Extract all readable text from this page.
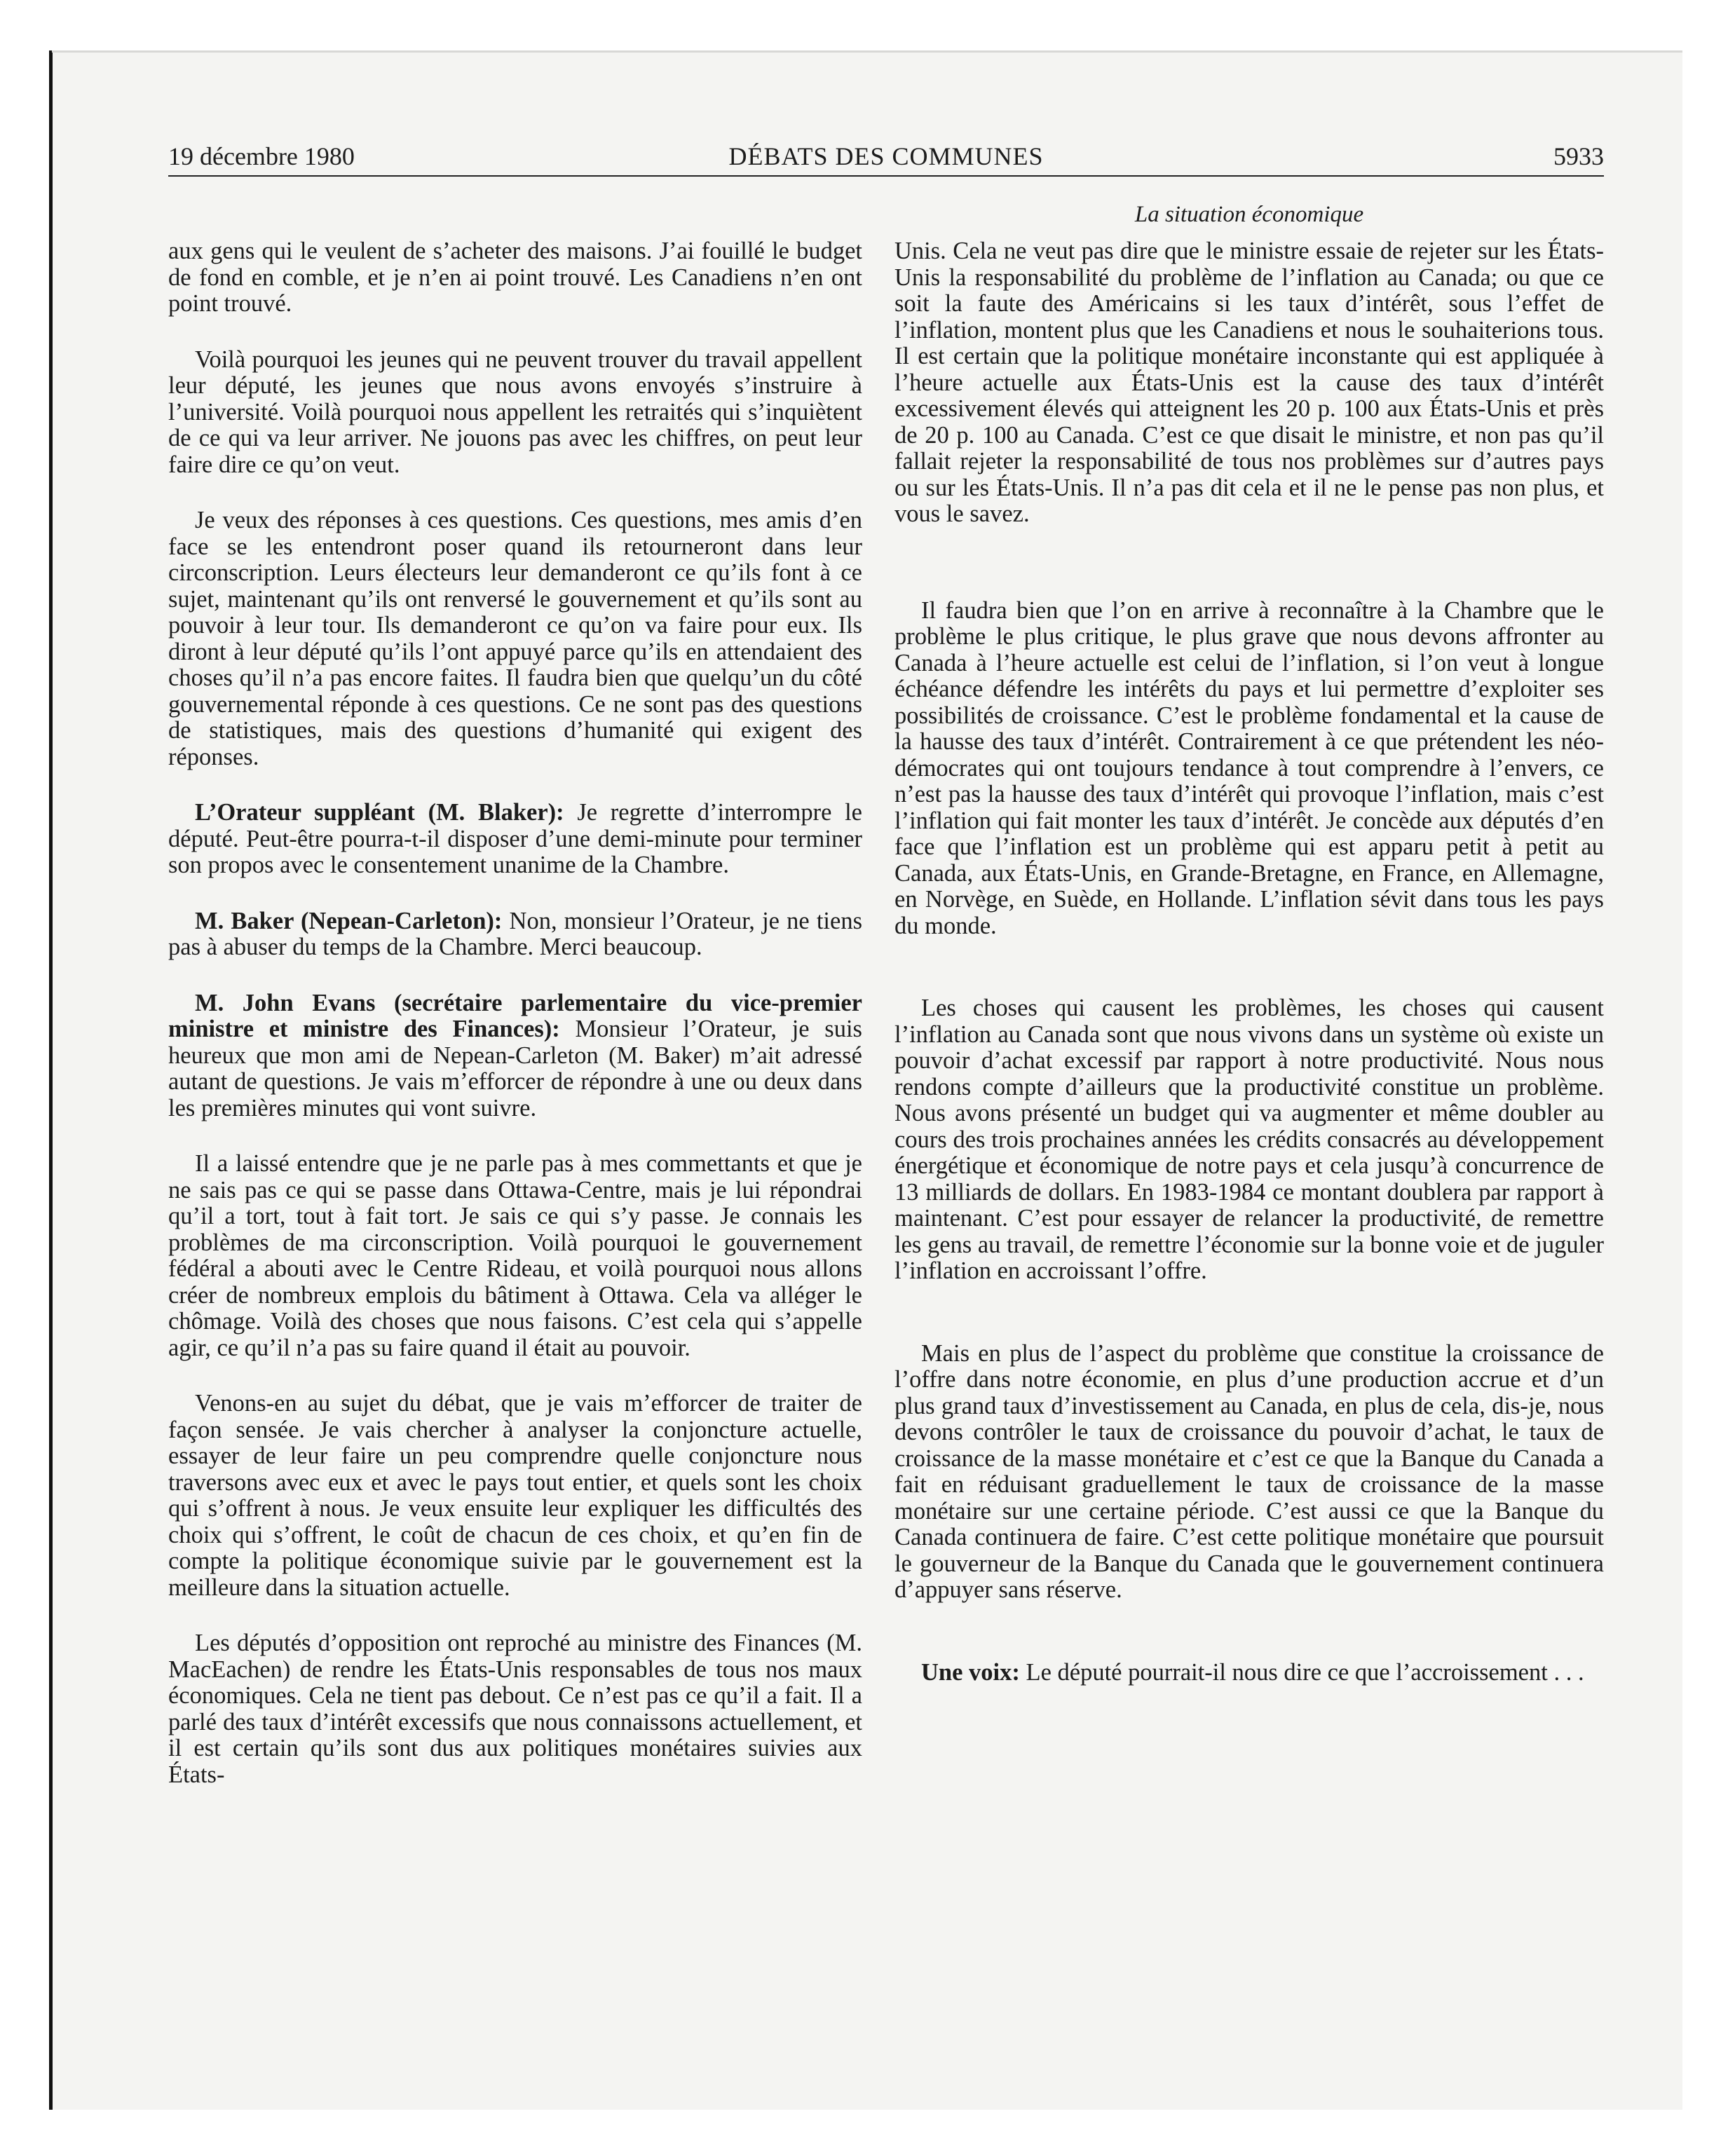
19 décembre 1980	DÉBATS DES COMMUNES	5933
La situation économique

aux gens qui le veulent de s’acheter des maisons. J’ai fouillé le budget de fond en comble, et je n’en ai point trouvé. Les Canadiens n’en ont point trouvé.

Voilà pourquoi les jeunes qui ne peuvent trouver du travail appellent leur député, les jeunes que nous avons envoyés s’instruire à l’université. Voilà pourquoi nous appellent les retraités qui s’inquiètent de ce qui va leur arriver. Ne jouons pas avec les chiffres, on peut leur faire dire ce qu’on veut.

Je veux des réponses à ces questions. Ces questions, mes amis d’en face se les entendront poser quand ils retourneront dans leur circonscription. Leurs électeurs leur demanderont ce qu’ils font à ce sujet, maintenant qu’ils ont renversé le gouvernement et qu’ils sont au pouvoir à leur tour. Ils demanderont ce qu’on va faire pour eux. Ils diront à leur député qu’ils l’ont appuyé parce qu’ils en attendaient des choses qu’il n’a pas encore faites. Il faudra bien que quelqu’un du côté gouvernemental réponde à ces questions. Ce ne sont pas des questions de statistiques, mais des questions d’humanité qui exigent des réponses.

L’Orateur suppléant (M. Blaker): Je regrette d’interrompre le député. Peut-être pourra-t-il disposer d’une demi-minute pour terminer son propos avec le consentement unanime de la Chambre.

M. Baker (Nepean-Carleton): Non, monsieur l’Orateur, je ne tiens pas à abuser du temps de la Chambre. Merci beaucoup.

M. John Evans (secrétaire parlementaire du vice-premier ministre et ministre des Finances): Monsieur l’Orateur, je suis heureux que mon ami de Nepean-Carleton (M. Baker) m’ait adressé autant de questions. Je vais m’efforcer de répondre à une ou deux dans les premières minutes qui vont suivre.

Il a laissé entendre que je ne parle pas à mes commettants et que je ne sais pas ce qui se passe dans Ottawa-Centre, mais je lui répondrai qu’il a tort, tout à fait tort. Je sais ce qui s’y passe. Je connais les problèmes de ma circonscription. Voilà pourquoi le gouvernement fédéral a abouti avec le Centre Rideau, et voilà pourquoi nous allons créer de nombreux emplois du bâtiment à Ottawa. Cela va alléger le chômage. Voilà des choses que nous faisons. C’est cela qui s’appelle agir, ce qu’il n’a pas su faire quand il était au pouvoir.

Venons-en au sujet du débat, que je vais m’efforcer de traiter de façon sensée. Je vais chercher à analyser la conjoncture actuelle, essayer de leur faire un peu comprendre quelle conjoncture nous traversons avec eux et avec le pays tout entier, et quels sont les choix qui s’offrent à nous. Je veux ensuite leur expliquer les difficultés des choix qui s’offrent, le coût de chacun de ces choix, et qu’en fin de compte la politique économique suivie par le gouvernement est la meilleure dans la situation actuelle.

Les députés d’opposition ont reproché au ministre des Finances (M. MacEachen) de rendre les États-Unis responsables de tous nos maux économiques. Cela ne tient pas debout. Ce n’est pas ce qu’il a fait. Il a parlé des taux d’intérêt excessifs que nous connaissons actuellement, et il est certain qu’ils sont dus aux politiques monétaires suivies aux États-

Unis. Cela ne veut pas dire que le ministre essaie de rejeter sur les États-Unis la responsabilité du problème de l’inflation au Canada; ou que ce soit la faute des Américains si les taux d’intérêt, sous l’effet de l’inflation, montent plus que les Canadiens et nous le souhaiterions tous. Il est certain que la politique monétaire inconstante qui est appliquée à l’heure actuelle aux États-Unis est la cause des taux d’intérêt excessivement élevés qui atteignent les 20 p. 100 aux États-Unis et près de 20 p. 100 au Canada. C’est ce que disait le ministre, et non pas qu’il fallait rejeter la responsabilité de tous nos problèmes sur d’autres pays ou sur les États-Unis. Il n’a pas dit cela et il ne le pense pas non plus, et vous le savez.

Il faudra bien que l’on en arrive à reconnaître à la Chambre que le problème le plus critique, le plus grave que nous devons affronter au Canada à l’heure actuelle est celui de l’inflation, si l’on veut à longue échéance défendre les intérêts du pays et lui permettre d’exploiter ses possibilités de croissance. C’est le problème fondamental et la cause de la hausse des taux d’intérêt. Contrairement à ce que prétendent les néo-démocrates qui ont toujours tendance à tout comprendre à l’envers, ce n’est pas la hausse des taux d’intérêt qui provoque l’inflation, mais c’est l’inflation qui fait monter les taux d’intérêt. Je concède aux députés d’en face que l’inflation est un problème qui est apparu petit à petit au Canada, aux États-Unis, en Grande-Bretagne, en France, en Allemagne, en Norvège, en Suède, en Hollande. L’inflation sévit dans tous les pays du monde.

Les choses qui causent les problèmes, les choses qui causent l’inflation au Canada sont que nous vivons dans un système où existe un pouvoir d’achat excessif par rapport à notre productivité. Nous nous rendons compte d’ailleurs que la productivité constitue un problème. Nous avons présenté un budget qui va augmenter et même doubler au cours des trois prochaines années les crédits consacrés au développement énergétique et économique de notre pays et cela jusqu’à concurrence de 13 milliards de dollars. En 1983-1984 ce montant doublera par rapport à maintenant. C’est pour essayer de relancer la productivité, de remettre les gens au travail, de remettre l’économie sur la bonne voie et de juguler l’inflation en accroissant l’offre.

Mais en plus de l’aspect du problème que constitue la croissance de l’offre dans notre économie, en plus d’une production accrue et d’un plus grand taux d’investissement au Canada, en plus de cela, dis-je, nous devons contrôler le taux de croissance du pouvoir d’achat, le taux de croissance de la masse monétaire et c’est ce que la Banque du Canada a fait en réduisant graduellement le taux de croissance de la masse monétaire sur une certaine période. C’est aussi ce que la Banque du Canada continuera de faire. C’est cette politique monétaire que poursuit le gouverneur de la Banque du Canada que le gouvernement continuera d’appuyer sans réserve.

Une voix: Le député pourrait-il nous dire ce que l’accroissement . . .
